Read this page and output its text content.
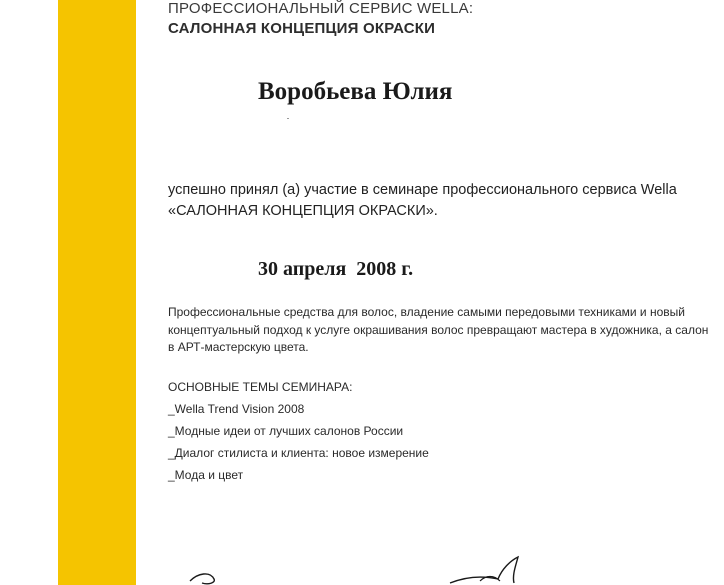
ПРОФЕССИОНАЛЬНЫЙ СЕРВИС WELLA:
САЛОННАЯ КОНЦЕПЦИЯ ОКРАСКИ
Воробьева Юлия
успешно принял (а) участие в семинаре профессионального сервиса Wella «САЛОННАЯ КОНЦЕПЦИЯ ОКРАСКИ».
30 апреля  2008 г.
Профессиональные средства для волос, владение самыми передовыми техниками и новый концептуальный подход к услуге окрашивания волос превращают мастера в художника, а салон в АРТ-мастерскую цвета.
ОСНОВНЫЕ ТЕМЫ СЕМИНАРА:
_Wella Trend Vision 2008
_Модные идеи от лучших салонов России
_Диалог стилиста и клиента: новое измерение
_Мода и цвет
